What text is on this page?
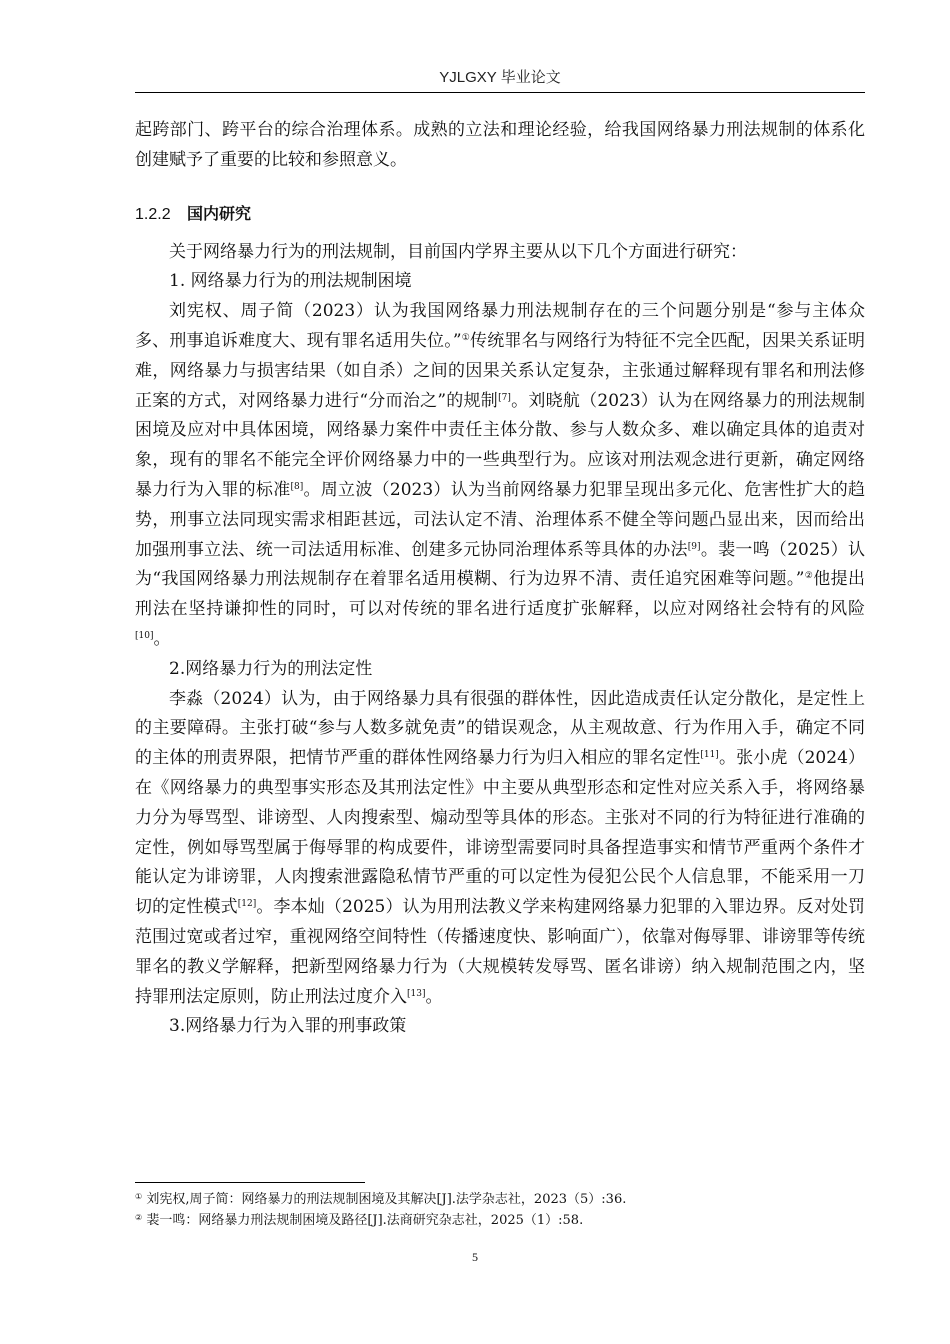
YJLGXY 毕业论文

起跨部门、跨平台的综合治理体系。成熟的立法和理论经验，给我国网络暴力刑法规制的体系化创建赋予了重要的比较和参照意义。

1.2.2 国内研究

关于网络暴力行为的刑法规制，目前国内学界主要从以下几个方面进行研究：

1. 网络暴力行为的刑法规制困境

刘宪权、周子简（2023）认为我国网络暴力刑法规制存在的三个问题分别是“参与主体众多、刑事追诉难度大、现有罪名适用失位。”①传统罪名与网络行为特征不完全匹配，因果关系证明难，网络暴力与损害结果（如自杀）之间的因果关系认定复杂，主张通过解释现有罪名和刑法修正案的方式，对网络暴力进行“分而治之”的规制[7]。刘晓航（2023）认为在网络暴力的刑法规制困境及应对中具体困境，网络暴力案件中责任主体分散、参与人数众多、难以确定具体的追责对象，现有的罪名不能完全评价网络暴力中的一些典型行为。应该对刑法观念进行更新，确定网络暴力行为入罪的标准[8]。周立波（2023）认为当前网络暴力犯罪呈现出多元化、危害性扩大的趋势，刑事立法同现实需求相距甚远，司法认定不清、治理体系不健全等问题凸显出来，因而给出加强刑事立法、统一司法适用标准、创建多元协同治理体系等具体的办法[9]。裴一鸣（2025）认为“我国网络暴力刑法规制存在着罪名适用模糊、行为边界不清、责任追究困难等问题。”②他提出刑法在坚持谦抑性的同时，可以对传统的罪名进行适度扩张解释，以应对网络社会特有的风险[10]。

2.网络暴力行为的刑法定性

李淼（2024）认为，由于网络暴力具有很强的群体性，因此造成责任认定分散化，是定性上的主要障碍。主张打破“参与人数多就免责”的错误观念，从主观故意、行为作用入手，确定不同的主体的刑责界限，把情节严重的群体性网络暴力行为归入相应的罪名定性[11]。张小虎（2024）在《网络暴力的典型事实形态及其刑法定性》中主要从典型形态和定性对应关系入手，将网络暴力分为辱骂型、诽谤型、人肉搜索型、煽动型等具体的形态。主张对不同的行为特征进行准确的定性，例如辱骂型属于侮辱罪的构成要件，诽谤型需要同时具备捏造事实和情节严重两个条件才能认定为诽谤罪，人肉搜索泄露隐私情节严重的可以定性为侵犯公民个人信息罪，不能采用一刀切的定性模式[12]。李本灿（2025）认为用刑法教义学来构建网络暴力犯罪的入罪边界。反对处罚范围过宽或者过窄，重视网络空间特性（传播速度快、影响面广），依靠对侮辱罪、诽谤罪等传统罪名的教义学解释，把新型网络暴力行为（大规模转发辱骂、匿名诽谤）纳入规制范围之内，坚持罪刑法定原则，防止刑法过度介入[13]。

3.网络暴力行为入罪的刑事政策

① 刘宪权,周子简：网络暴力的刑法规制困境及其解决[J].法学杂志社，2023（5）:36.
② 裴一鸣：网络暴力刑法规制困境及路径[J].法商研究杂志社，2025（1）:58.
5
